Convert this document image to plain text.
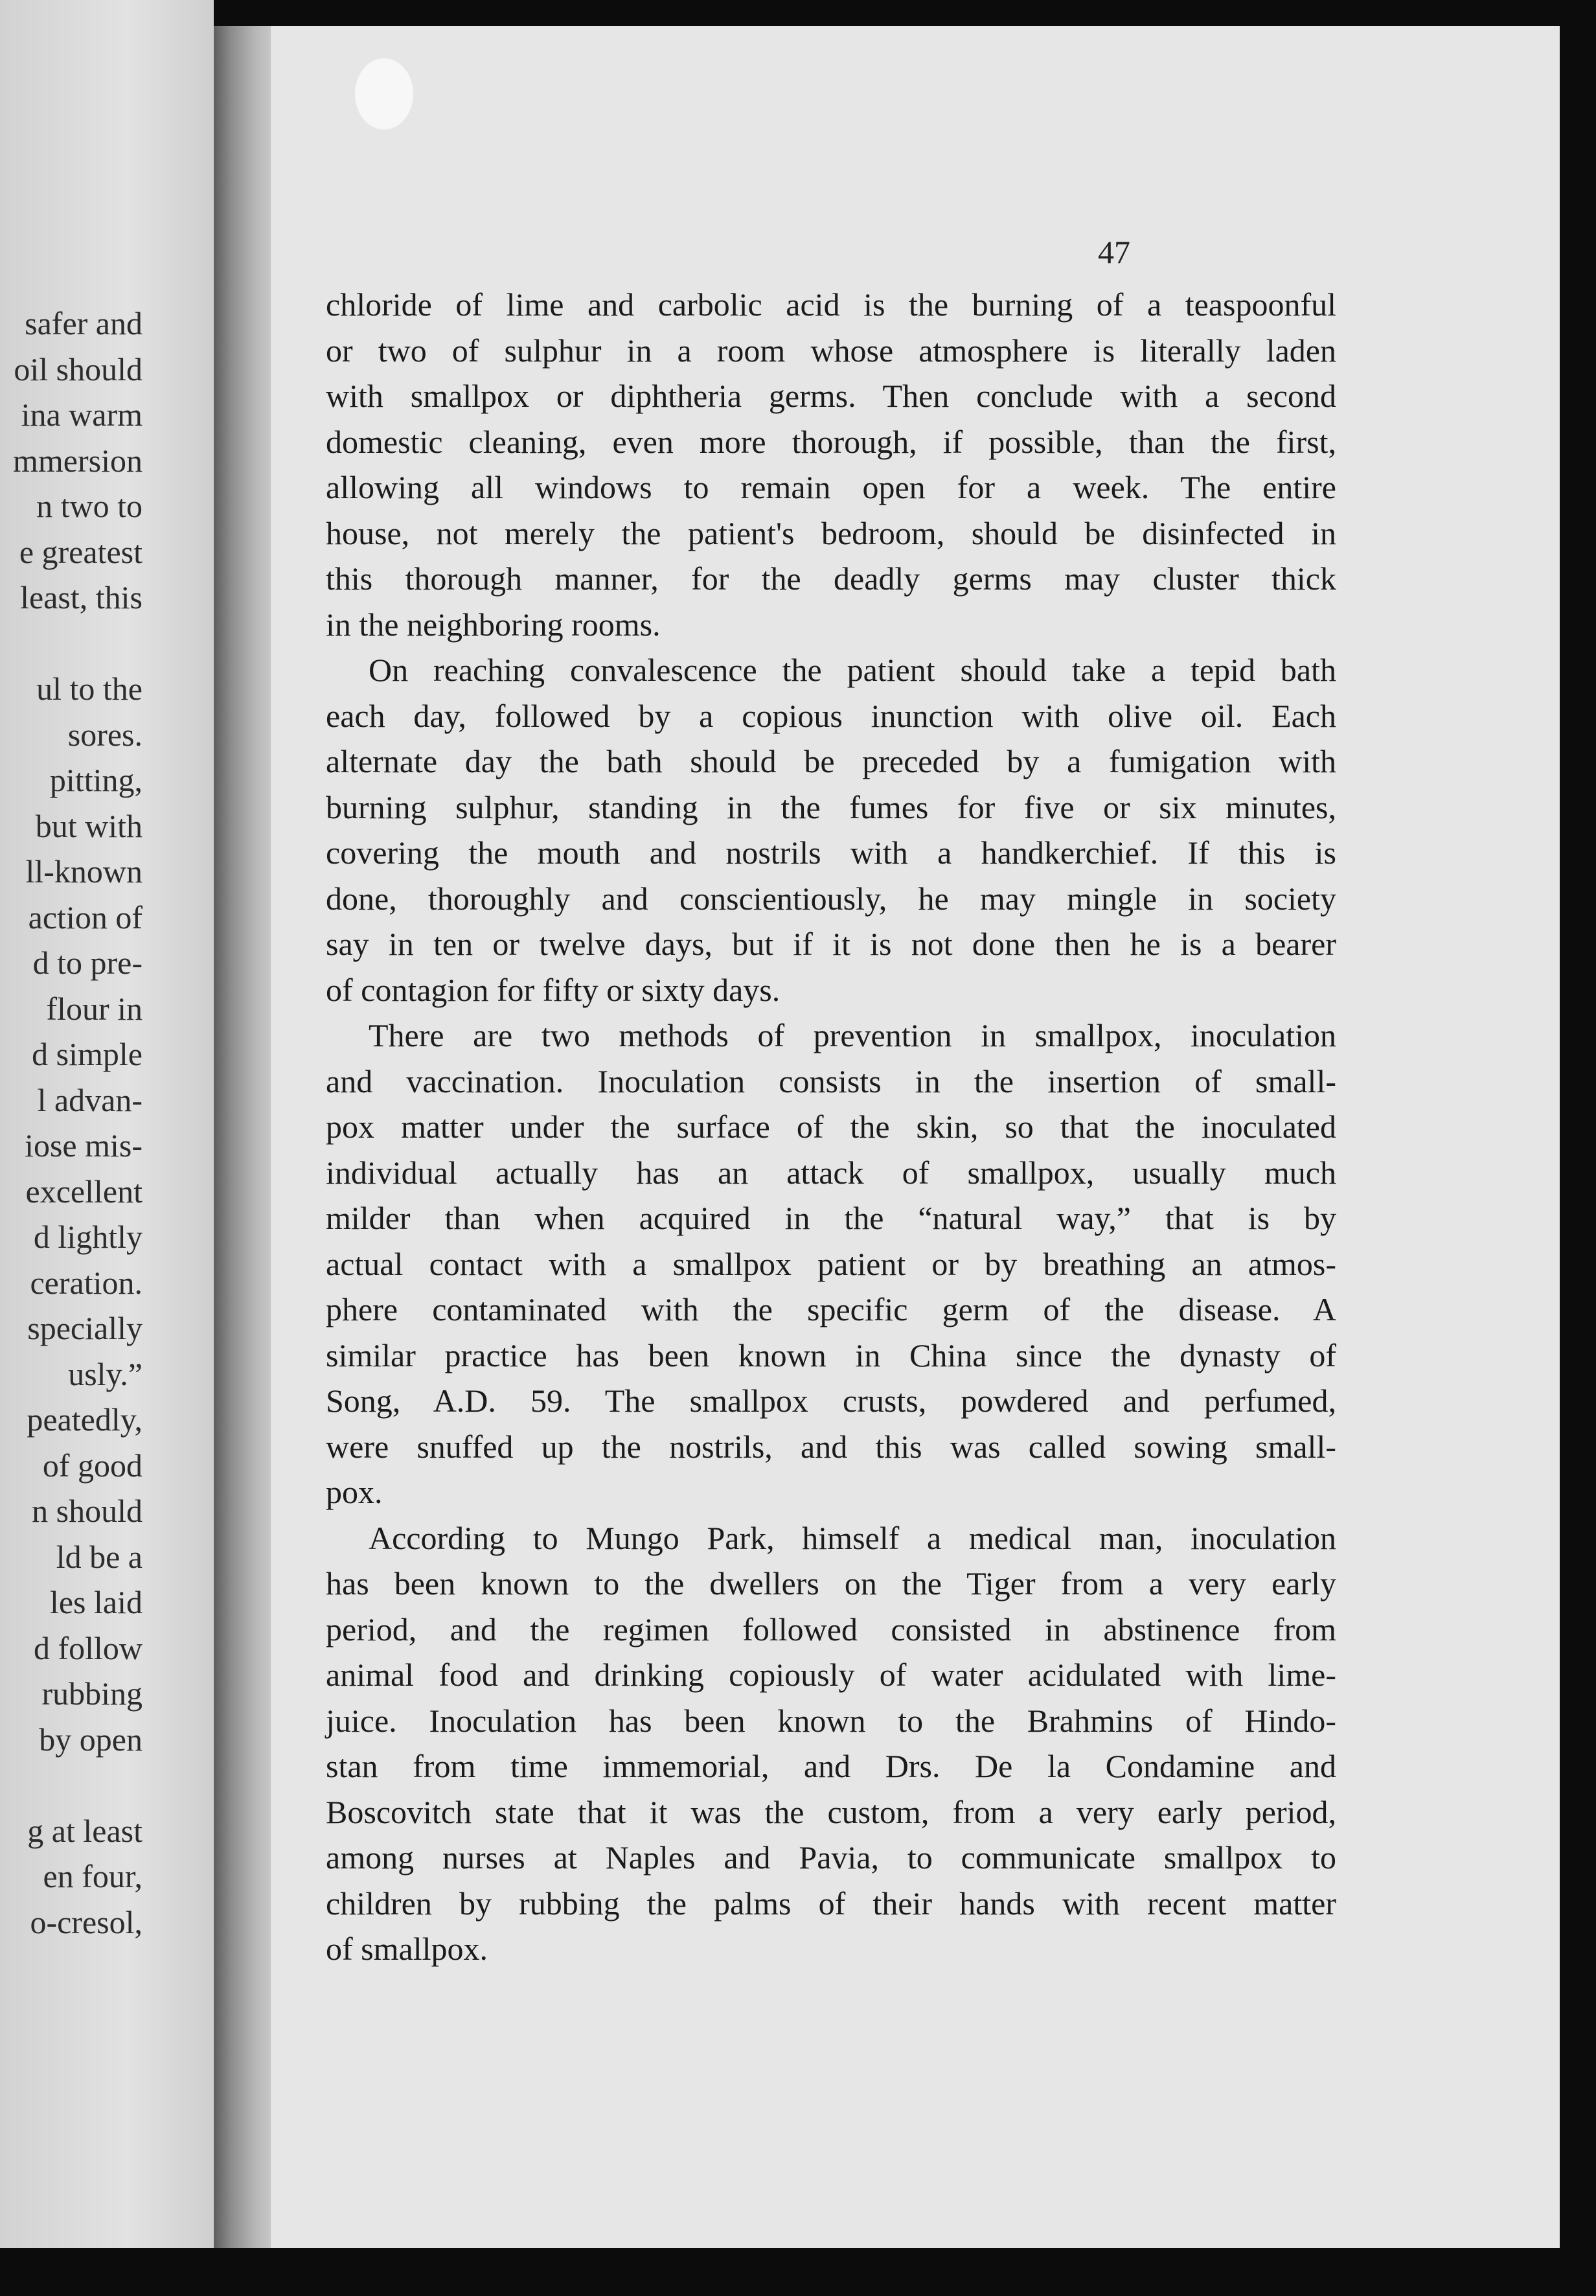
safer and
oil should
ina warm
mmersion
n two to
e greatest
least, this
ul to the
sores.
pitting,
but with
ll-known
action of
d to pre-
flour in
d simple
l advan-
iose mis-
excellent
d lightly
ceration.
specially
usly.”
peatedly,
of good
n should
ld be a
les laid
d follow
rubbing
by open
g at least
en four,
o-cresol,
47
chloride of lime and carbolic acid is the burning of a teaspoonful
or two of sulphur in a room whose atmosphere is literally laden
with smallpox or diphtheria germs. Then conclude with a second
domestic cleaning, even more thorough, if possible, than the first,
allowing all windows to remain open for a week. The entire
house, not merely the patient's bedroom, should be disinfected in
this thorough manner, for the deadly germs may cluster thick
in the neighboring rooms.
On reaching convalescence the patient should take a tepid bath
each day, followed by a copious inunction with olive oil. Each
alternate day the bath should be preceded by a fumigation with
burning sulphur, standing in the fumes for five or six minutes,
covering the mouth and nostrils with a handkerchief. If this is
done, thoroughly and conscientiously, he may mingle in society
say in ten or twelve days, but if it is not done then he is a bearer
of contagion for fifty or sixty days.
There are two methods of prevention in smallpox, inoculation
and vaccination. Inoculation consists in the insertion of small-
pox matter under the surface of the skin, so that the inoculated
individual actually has an attack of smallpox, usually much
milder than when acquired in the “natural way,” that is by
actual contact with a smallpox patient or by breathing an atmos-
phere contaminated with the specific germ of the disease. A
similar practice has been known in China since the dynasty of
Song, A.D. 59. The smallpox crusts, powdered and perfumed,
were snuffed up the nostrils, and this was called sowing small-
pox.
According to Mungo Park, himself a medical man, inoculation
has been known to the dwellers on the Tiger from a very early
period, and the regimen followed consisted in abstinence from
animal food and drinking copiously of water acidulated with lime-
juice. Inoculation has been known to the Brahmins of Hindo-
stan from time immemorial, and Drs. De la Condamine and
Boscovitch state that it was the custom, from a very early period,
among nurses at Naples and Pavia, to communicate smallpox to
children by rubbing the palms of their hands with recent matter
of smallpox.
